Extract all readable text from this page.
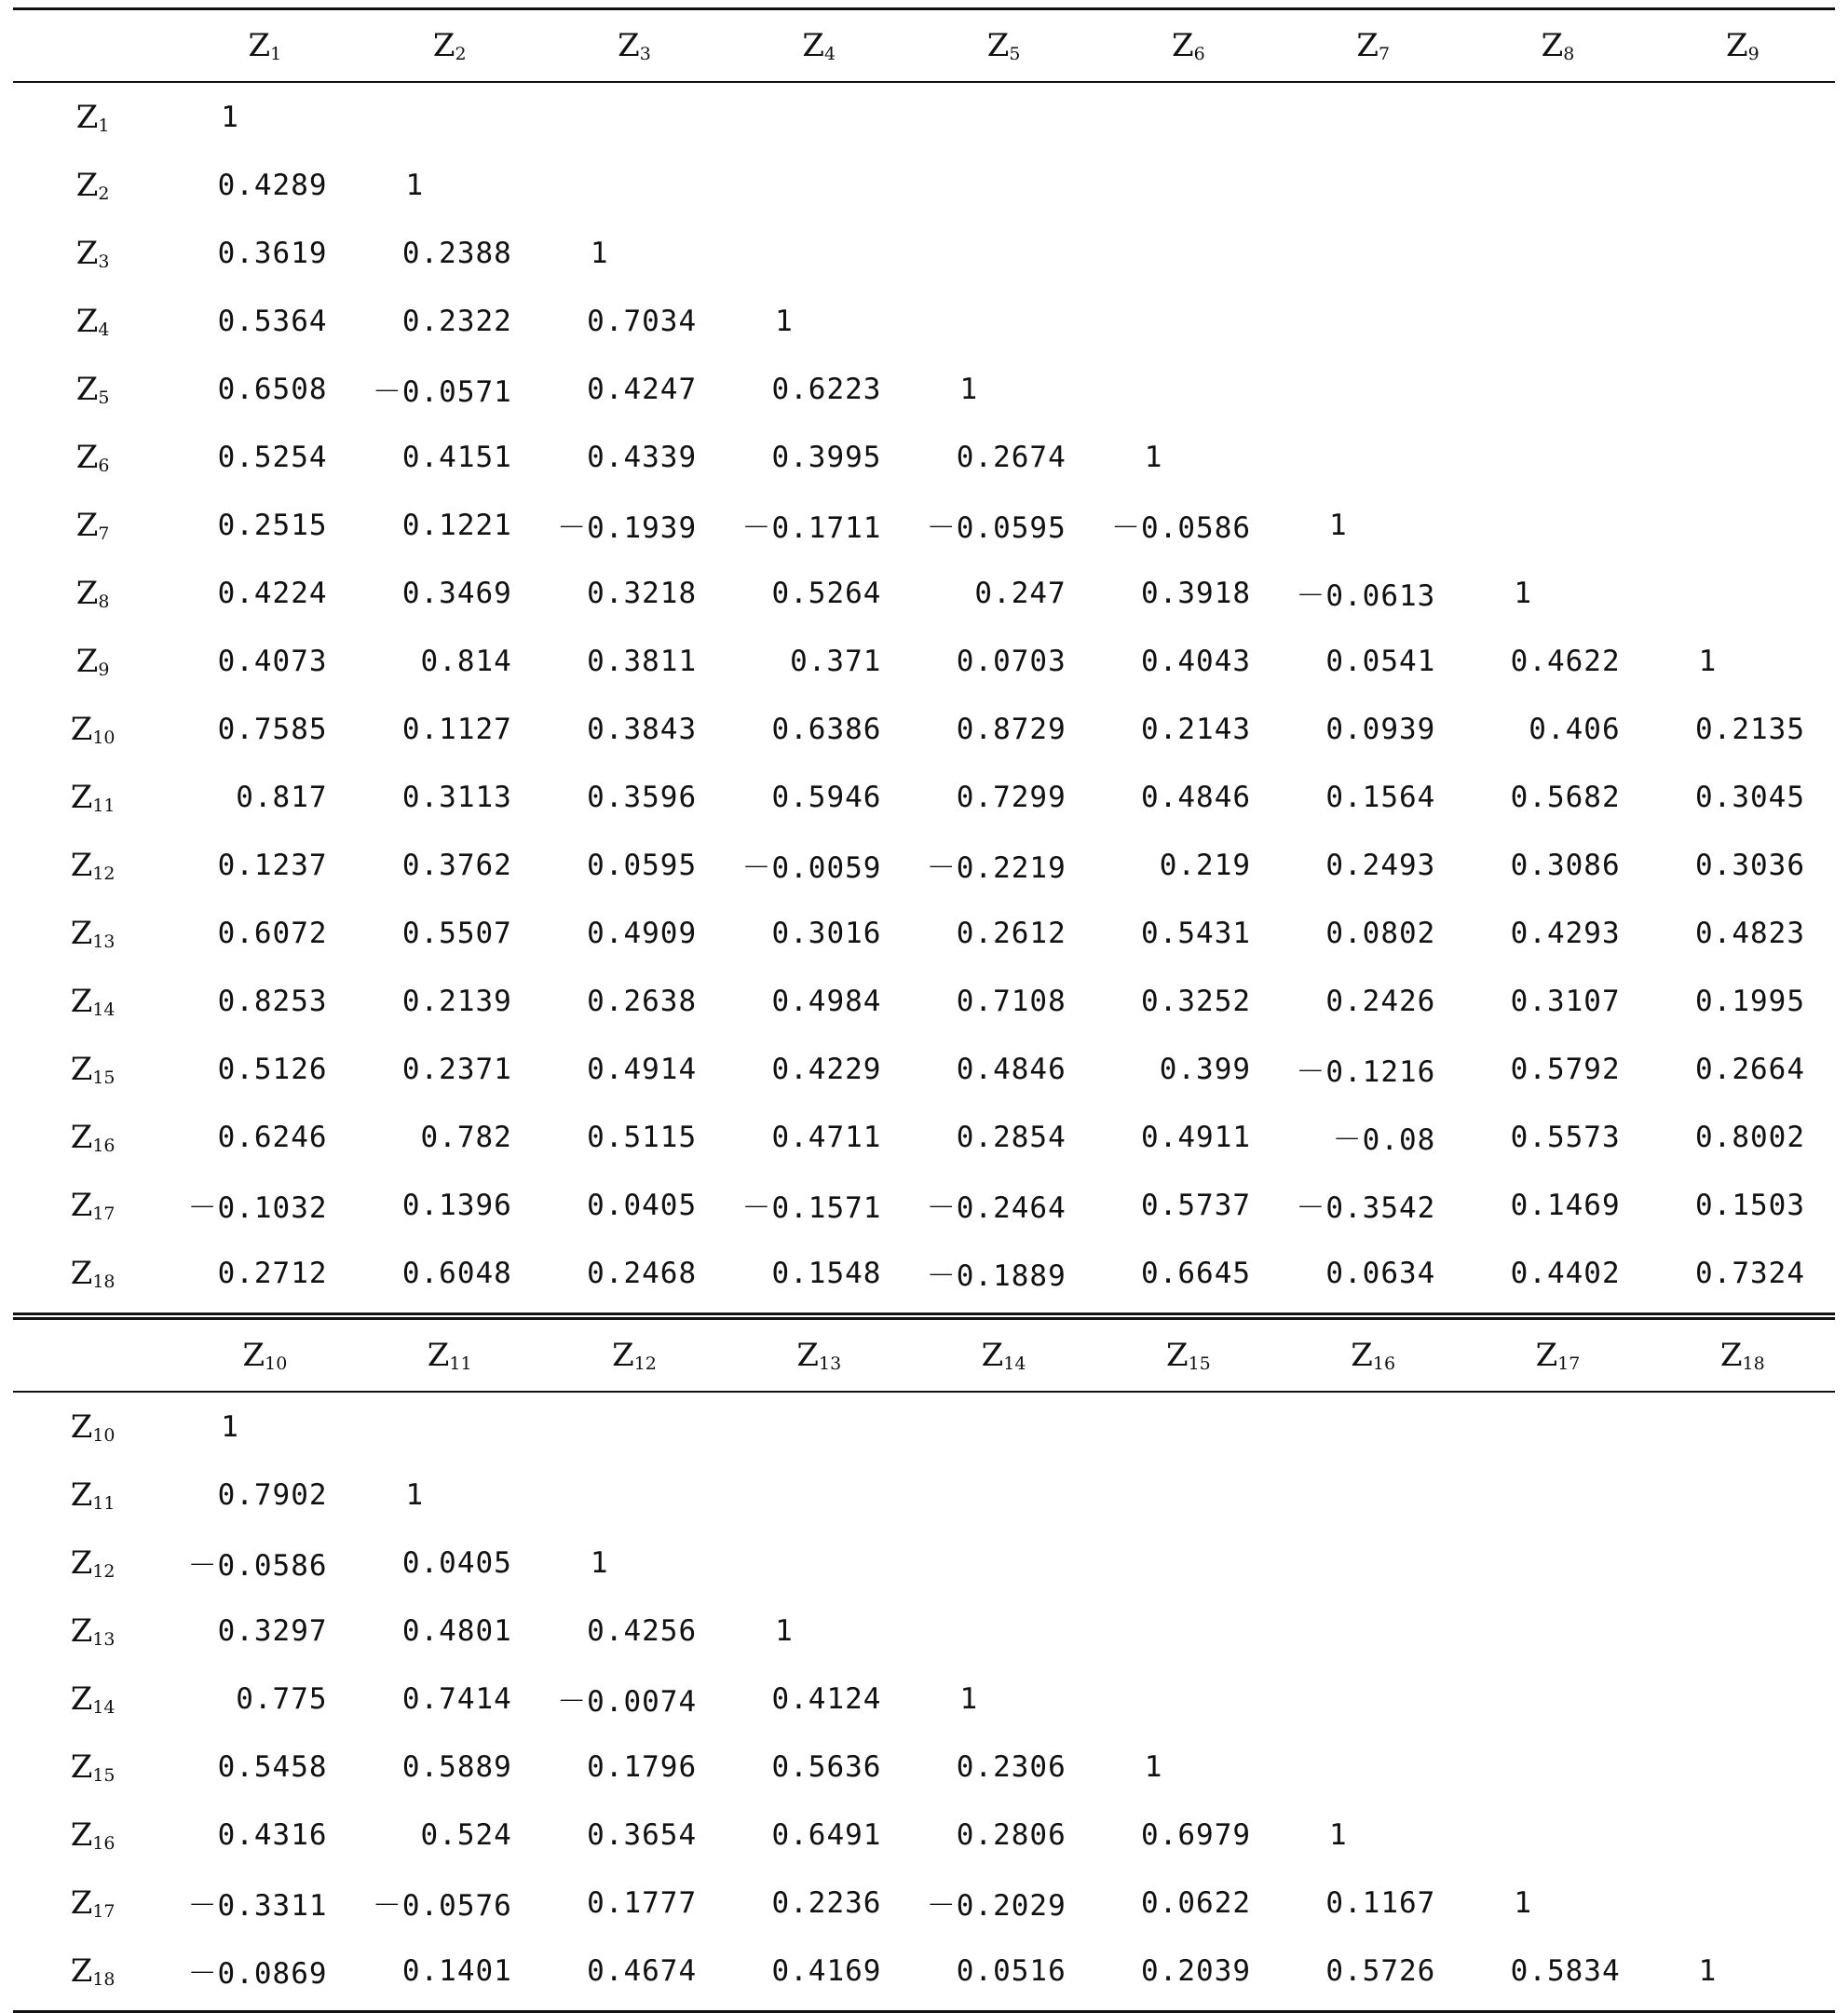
	$Z_1$	$Z_2$	$Z_3$	$Z_4$	$Z_5$	$Z_6$	$Z_7$	$Z_8$	$Z_9$
$Z_1$	1								
$Z_2$	0.4289	1							
$Z_3$	0.3619	0.2388	1						
$Z_4$	0.5364	0.2322	0.7034	1					
$Z_5$	0.6508	－0.0571	0.4247	0.6223	1				
$Z_6$	0.5254	0.4151	0.4339	0.3995	0.2674	1			
$Z_7$	0.2515	0.1221	－0.1939	－0.1711	－0.0595	－0.0586	1		
$Z_8$	0.4224	0.3469	0.3218	0.5264	0.247	0.3918	－0.0613	1	
$Z_9$	0.4073	0.814	0.3811	0.371	0.0703	0.4043	0.0541	0.4622	1
$Z_{10}$	0.7585	0.1127	0.3843	0.6386	0.8729	0.2143	0.0939	0.406	0.2135
$Z_{11}$	0.817	0.3113	0.3596	0.5946	0.7299	0.4846	0.1564	0.5682	0.3045
$Z_{12}$	0.1237	0.3762	0.0595	－0.0059	－0.2219	0.219	0.2493	0.3086	0.3036
$Z_{13}$	0.6072	0.5507	0.4909	0.3016	0.2612	0.5431	0.0802	0.4293	0.4823
$Z_{14}$	0.8253	0.2139	0.2638	0.4984	0.7108	0.3252	0.2426	0.3107	0.1995
$Z_{15}$	0.5126	0.2371	0.4914	0.4229	0.4846	0.399	－0.1216	0.5792	0.2664
$Z_{16}$	0.6246	0.782	0.5115	0.4711	0.2854	0.4911	－0.08	0.5573	0.8002
$Z_{17}$	－0.1032	0.1396	0.0405	－0.1571	－0.2464	0.5737	－0.3542	0.1469	0.1503
$Z_{18}$	0.2712	0.6048	0.2468	0.1548	－0.1889	0.6645	0.0634	0.4402	0.7324
	$Z_{10}$	$Z_{11}$	$Z_{12}$	$Z_{13}$	$Z_{14}$	$Z_{15}$	$Z_{16}$	$Z_{17}$	$Z_{18}$
$Z_{10}$	1								
$Z_{11}$	0.7902	1							
$Z_{12}$	－0.0586	0.0405	1						
$Z_{13}$	0.3297	0.4801	0.4256	1					
$Z_{14}$	0.775	0.7414	－0.0074	0.4124	1				
$Z_{15}$	0.5458	0.5889	0.1796	0.5636	0.2306	1			
$Z_{16}$	0.4316	0.524	0.3654	0.6491	0.2806	0.6979	1		
$Z_{17}$	－0.3311	－0.0576	0.1777	0.2236	－0.2029	0.0622	0.1167	1	
$Z_{18}$	－0.0869	0.1401	0.4674	0.4169	0.0516	0.2039	0.5726	0.5834	1
